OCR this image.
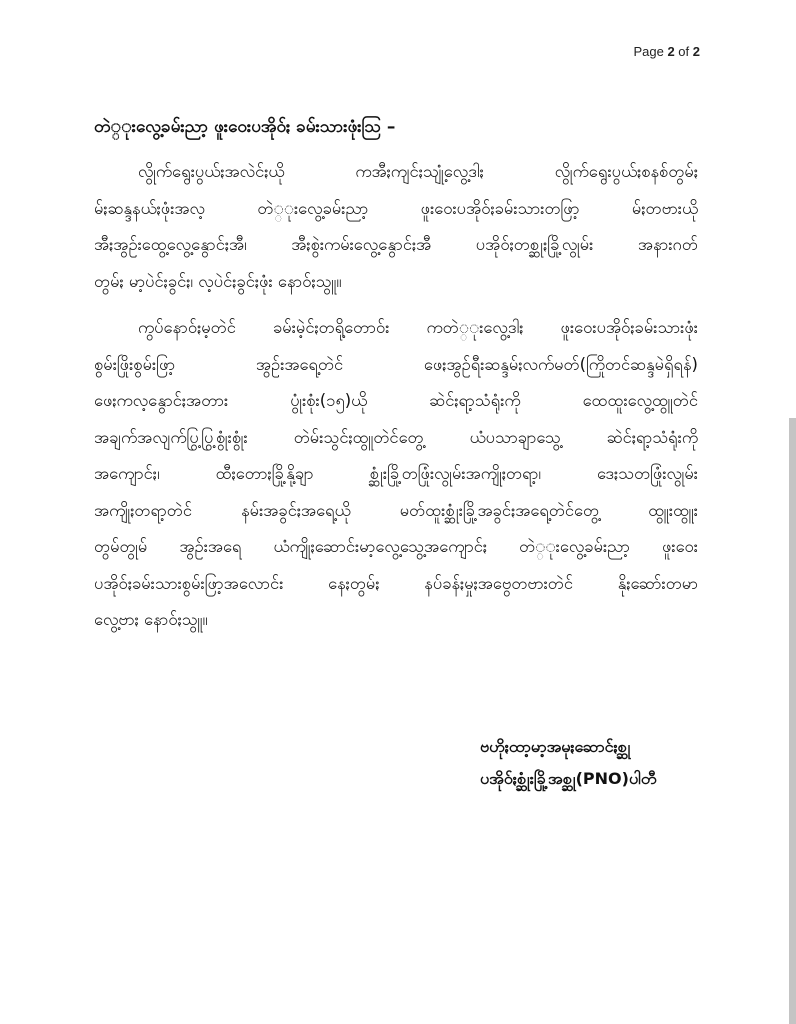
Page 2 of 2
တဲ္ုးလွေ့ခမ်းညာ့ ဖူးဝေးပအိုဝ်ႏ ခမ်းသားဖုံးဩ –
လွိုက်ရွေးပွယ်ႏအလဲင်ႏယို ကအီႏကျင်ႏသျုံ့လွေ့ဒါႏ လွိုက်ရွေးပွယ်ႏစနစ်တွမ်ႏ
မ်ႏဆန္ဒနယ်ႏဖုံးအလ့ တဲ္ုးလွေ့ခမ်းညာ့ ဖူးဝေးပအိုဝ်ႏခမ်းသားတဖြာ့ မ်ႏတဗားယို
အီႏအွဉ်းထွေ့လွေ့နွောင်ႏအီ၊ အီႏစွဲးကမ်းလွေ့နွောင်ႏအီ ပအိုဝ်ႏတစ္ဆုႏခြို့လွုမ်း အနားဂတ်
တွမ်ႏ မာ့ပဲင်ႏခွင်ႏ၊ လ့ပဲင်ႏခွင်ႏဖုံး နောဝ်ႏသွူ။
ကွပ်နောဝ်ႏမ့တဲင် ခမ်းမဲ့င်ႏတရို့တောဝ်း ကတဲ္ုးလွေ့ဒါႏ ဖူးဝေးပအိုဝ်ႏခမ်းသားဖုံး
စွမ်းဖြိုးစွမ်းဖြာ့ အွဉ်းအရေ့တဲင် ဖေႏအွဉ်ရီးဆန္ဒမ်ႏလက်မတ်(ကြိုတင်ဆန္ဒမဲရှိရန်)
ဖေႏကလ့နွောင်ႏအတား ပွုံးစုံး(၁၅)ယို ဆဲင်ႏရာ့သံရုံးကို ထေထူးလွေ့ထွူတဲင်
အချက်အလျက်ပြွ့ပြွ့စွုံးစွုံး တဲမ်းသွင်ႏထွူတဲင်တွေ့ ယံပသာချာသွေ့ ဆဲင်ႏရာ့သံရုံးကို
အကျောင်ႏ၊ ထီႏတောႏခြို့နို့ချာ စ္ဆုံးခြို့တဖြုံးလွုမ်းအကျိုႏတရာ့၊ ဒေႏသတဖြုံးလွုမ်း
အကျိုႏတရာ့တဲင် နမ်းအခွင်ႏအရေ့ယို မတ်ထူးစ္ဆုံးခြို့အခွင်ႏအရေ့တဲင်တွေ့ ထွူးထွူး
တွမ်တွုမ် အွဉ်းအရေ ယံကျိုႏဆောင်းမာ့လွေ့သွေ့အကျောင်ႏ တဲ္ုးလွေ့ခမ်းညာ့ ဖူးဝေး
ပအိုဝ်ႏခမ်းသားစွမ်းဖြာ့အလောင်း နေႏတွမ်ႏ နပ်ခန်ႏမှုႏအဗွေတဗားတဲင် နိုႏဆော်းတမာ
လွေ့ဗာႏ နောဝ်ႏသွူ။
ဗဟိုႏထာ့မာ့အမုႏဆောင်ႏစ္ဆု
ပအိုဝ်ႏစ္ဆုံးခြို့အစ္ဆု(PNO)ပါတီ
